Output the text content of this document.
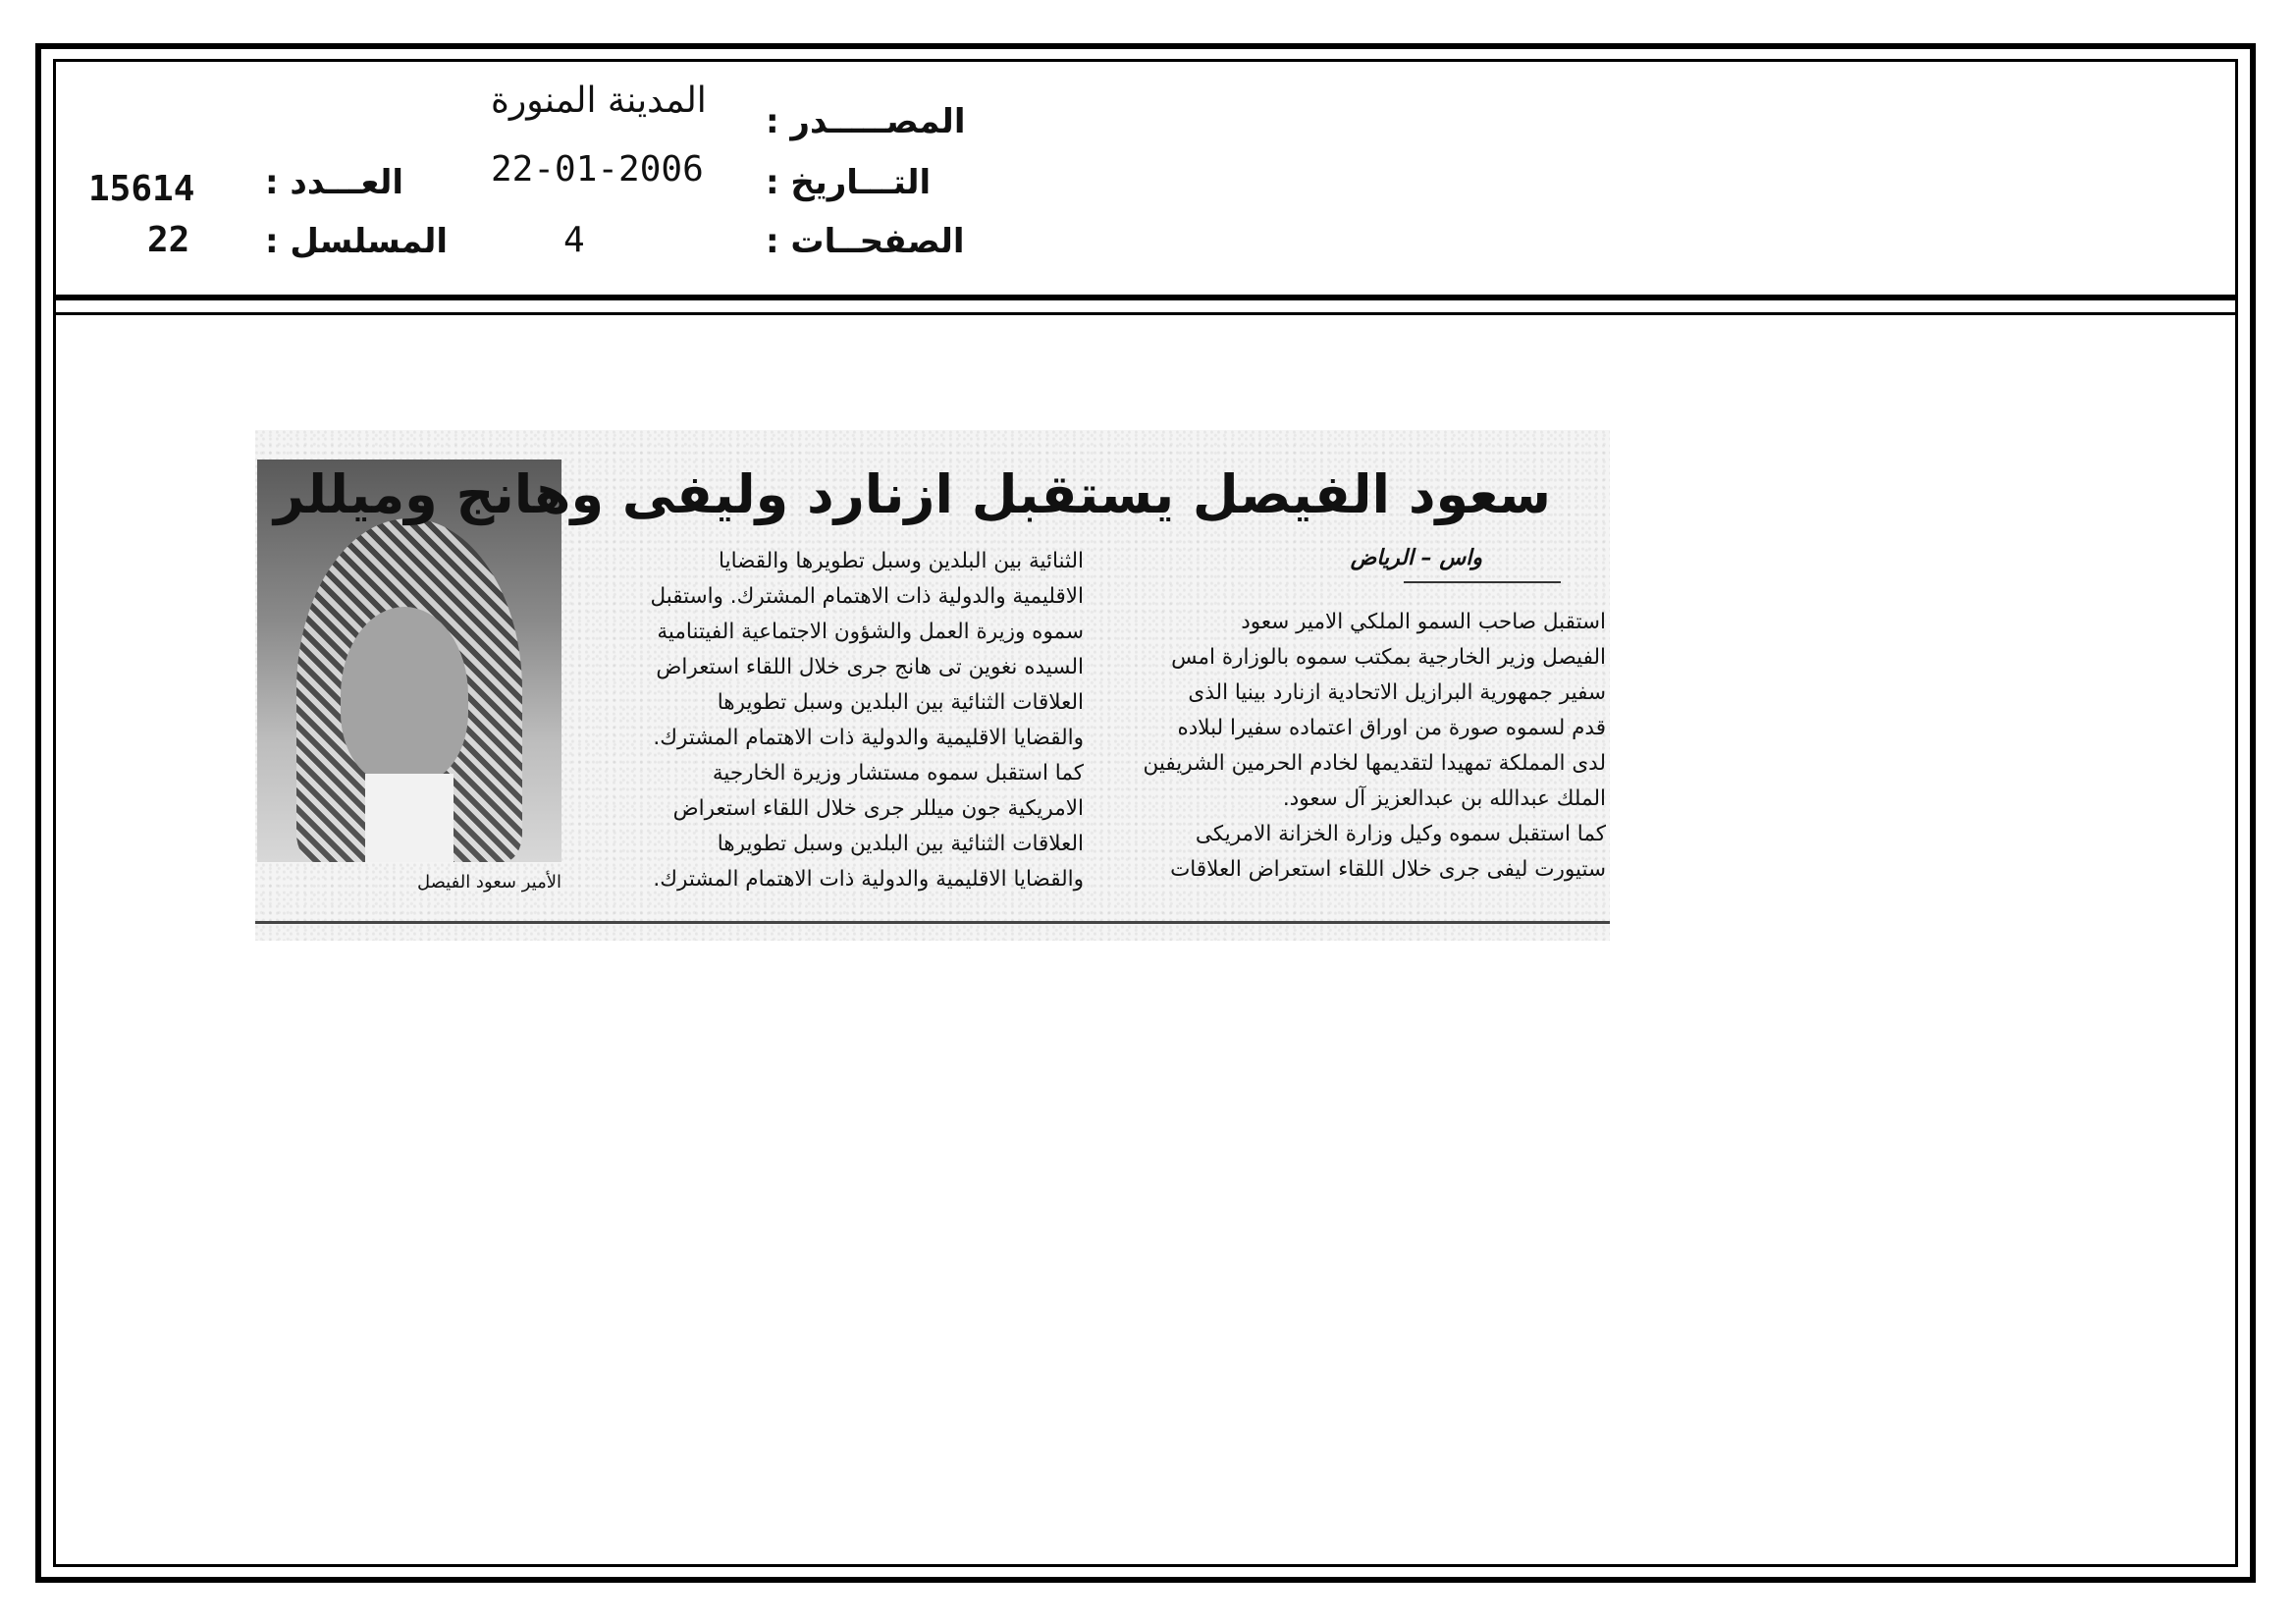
المصـــــدر :
المدينة المنورة
التـــاريخ :
22-01-2006
الصفحــات :
4
العـــدد :
15614
المسلسل :
22
الأمير سعود الفيصل
سعود الفيصل يستقبل ازنارد وليفى وهانج وميللر
واس – الرياض
استقبل صاحب السمو الملكي الامير سعود
الفيصل وزير الخارجية بمكتب سموه بالوزارة امس
سفير جمهورية البرازيل الاتحادية ازنارد بينيا الذى
قدم لسموه صورة من اوراق اعتماده سفيرا لبلاده
لدى المملكة تمهيدا لتقديمها لخادم الحرمين الشريفين
الملك عبدالله بن عبدالعزيز آل سعود.
كما استقبل سموه وكيل وزارة الخزانة الامريكى
ستيورت ليفى جرى خلال اللقاء استعراض العلاقات
الثنائية بين البلدين وسبل تطويرها والقضايا
الاقليمية والدولية ذات الاهتمام المشترك. واستقبل
سموه وزيرة العمل والشؤون الاجتماعية الفيتنامية
السيده نغوين تى هانج جرى خلال اللقاء استعراض
العلاقات الثنائية بين البلدين وسبل تطويرها
والقضايا الاقليمية والدولية ذات الاهتمام المشترك.
كما استقبل سموه مستشار وزيرة الخارجية
الامريكية جون ميللر جرى خلال اللقاء استعراض
العلاقات الثنائية بين البلدين وسبل تطويرها
والقضايا الاقليمية والدولية ذات الاهتمام المشترك.
